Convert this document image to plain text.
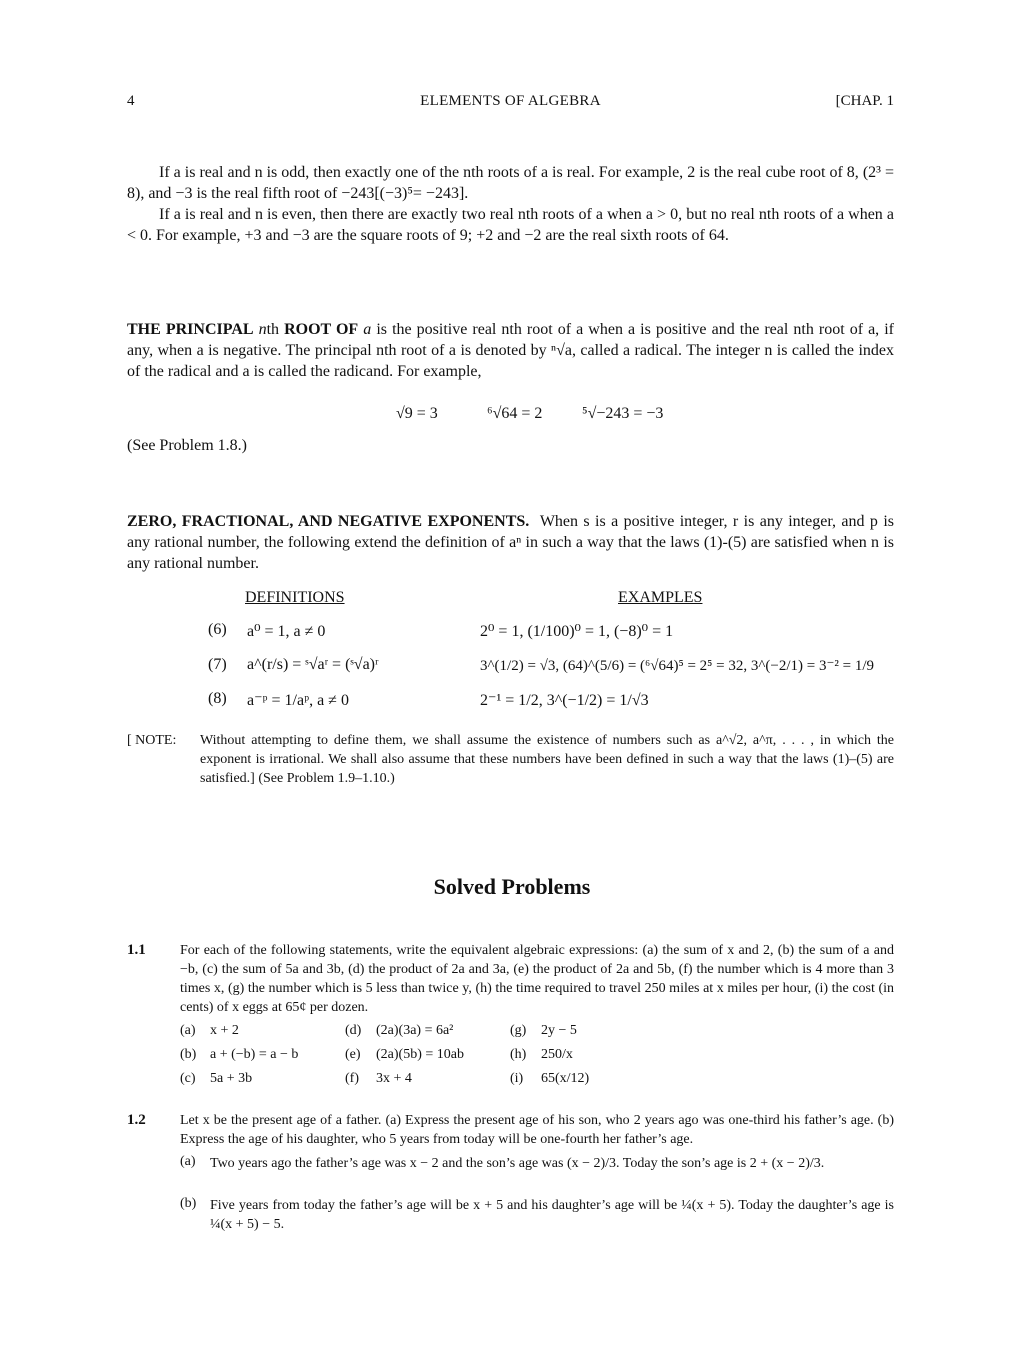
4	ELEMENTS OF ALGEBRA	[CHAP. 1

If a is real and n is odd, then exactly one of the nth roots of a is real. For example, 2 is the real cube root of 8, (2³ = 8), and −3 is the real fifth root of −243[(−3)⁵= −243].

If a is real and n is even, then there are exactly two real nth roots of a when a > 0, but no real nth roots of a when a < 0. For example, +3 and −3 are the square roots of 9; +2 and −2 are the real sixth roots of 64.

THE PRINCIPAL nth ROOT OF a is the positive real nth root of a when a is positive and the real nth root of a, if any, when a is negative. The principal nth root of a is denoted by ⁿ√a, called a radical. The integer n is called the index of the radical and a is called the radicand. For example,

√9 = 3	⁶√64 = 2 ⁵√−243 = −3
(See Problem 1.8.)

ZERO, FRACTIONAL, AND NEGATIVE EXPONENTS. When s is a positive integer, r is any integer, and p is any rational number, the following extend the definition of aⁿ in such a way that the laws (1)-(5) are satisfied when n is any rational number.

DEFINITIONS	EXAMPLES
(6) a⁰ = 1, a ≠ 0	2⁰ = 1, (1/100)⁰ = 1, (−8)⁰ = 1
(7) a^(r/s) = ˢ√aʳ = (ˢ√a)ʳ	3^(1/2) = √3, (64)^(5/6) = (⁶√64)⁵ = 2⁵ = 32, 3^(−2/1) = 3⁻² = 1/9
(8) a⁻ᵖ = 1/aᵖ, a ≠ 0	2⁻¹ = 1/2, 3^(−1/2) = 1/√3
[ NOTE:	Without attempting to define them, we shall assume the existence of numbers such as a^√2, a^π, . . . , in which the exponent is irrational. We shall also assume that these numbers have been defined in such a way that the laws (1)–(5) are satisfied.] (See Problem 1.9–1.10.)
Solved Problems
1.1 For each of the following statements, write the equivalent algebraic expressions: (a) the sum of x and 2, (b) the sum of a and −b, (c) the sum of 5a and 3b, (d) the product of 2a and 3a, (e) the product of 2a and 5b, (f) the number which is 4 more than 3 times x, (g) the number which is 5 less than twice y, (h) the time required to travel 250 miles at x miles per hour, (i) the cost (in cents) of x eggs at 65¢ per dozen.
(a) x + 2	(d) (2a)(3a) = 6a²	(g) 2y − 5
(b) a + (−b) = a − b	(e) (2a)(5b) = 10ab	(h) 250/x
(c) 5a + 3b	(f) 3x + 4	(i) 65(x/12)
1.2 Let x be the present age of a father. (a) Express the present age of his son, who 2 years ago was one-third his father’s age. (b) Express the age of his daughter, who 5 years from today will be one-fourth her father’s age.
(a) Two years ago the father’s age was x − 2 and the son’s age was (x − 2)/3. Today the son’s age is 2 + (x − 2)/3.
(b) Five years from today the father’s age will be x + 5 and his daughter’s age will be ¼(x + 5). Today the daughter’s age is ¼(x + 5) − 5.
